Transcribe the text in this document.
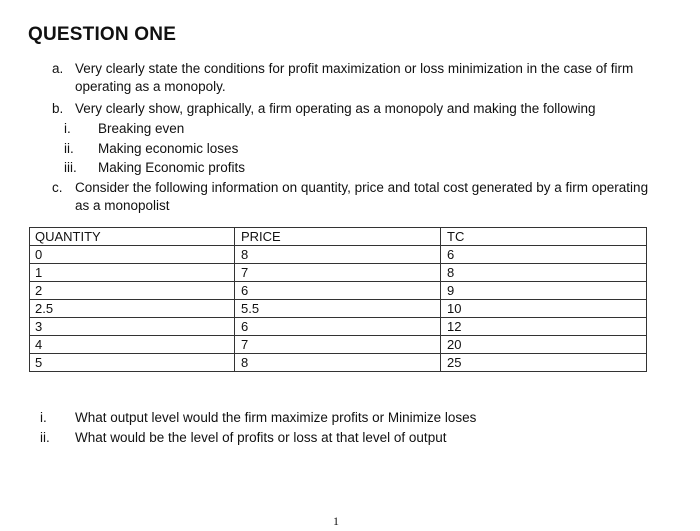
QUESTION ONE
a. Very clearly state the conditions for profit maximization or loss minimization in the case of firm operating as a monopoly.
b. Very clearly show, graphically, a firm operating as a monopoly and making the following
i. Breaking even
ii. Making economic loses
iii. Making Economic profits
c. Consider the following information on quantity, price and total cost generated by a firm operating as a monopolist
QUANTITY	PRICE	TC
0	8	6
1	7	8
2	6	9
2.5	5.5	10
3	6	12
4	7	20
5	8	25
i. What output level would the firm maximize profits or Minimize loses
ii. What would be the level of profits or loss at that level of output
1
